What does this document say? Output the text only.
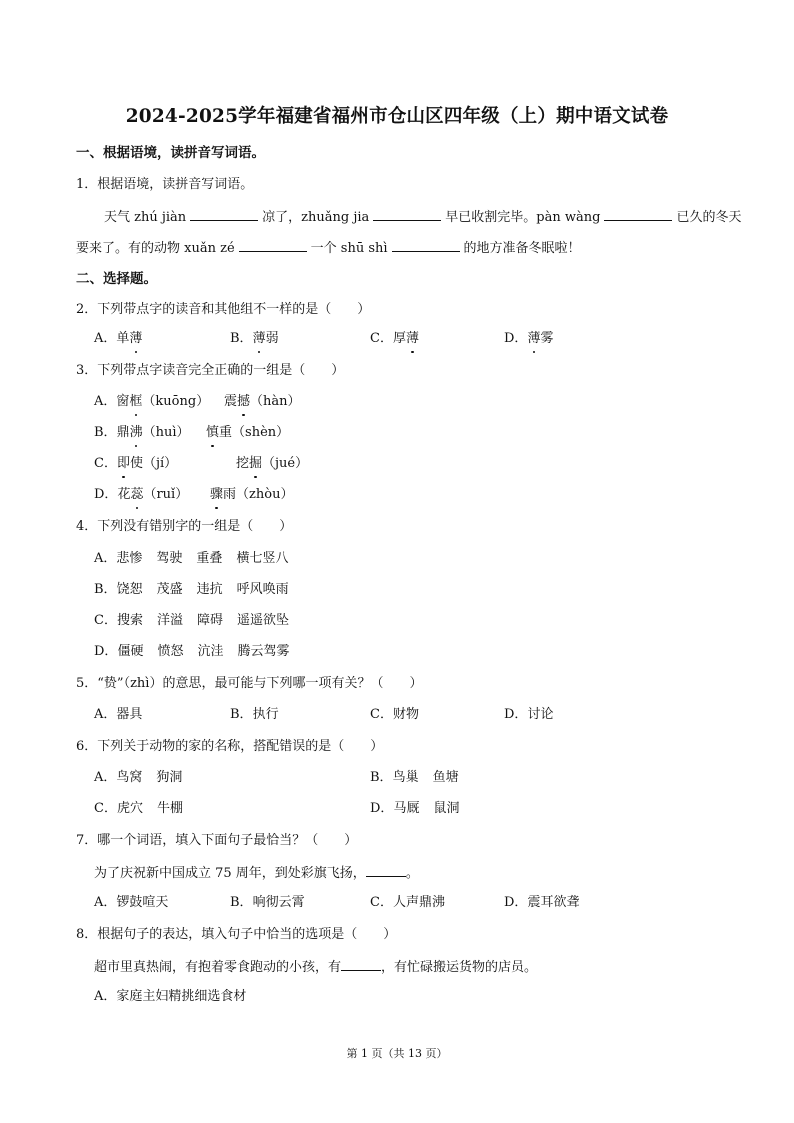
2024-2025学年福建省福州市仓山区四年级（上）期中语文试卷
一、根据语境，读拼音写词语。
1．根据语境，读拼音写词语。
天气 zhú jiàn	凉了，zhuǎng jia	早已收割完毕。pàn wàng	已久的冬天
要来了。有的动物 xuǎn zé	一个 shū shì	的地方准备冬眠啦！
二、选择题。
2．下列带点字的读音和其他组不一样的是（　　）
A．单薄	B．薄弱	C．厚薄	D．薄雾
3．下列带点字读音完全正确的一组是（　　）
A．窗框（kuōng） 震撼（hàn）
B．鼎沸（huì） 慎重（shèn）
C．即使（jí）	挖掘（jué）
D．花蕊（ruǐ） 骤雨（zhòu）
4．下列没有错别字的一组是（　　）
A．悲惨 驾驶 重叠 横七竖八
B．饶恕 茂盛 违抗 呼风唤雨
C．搜索 洋溢 障碍 遥遥欲坠
D．僵硬 愤怒 沆洼 腾云驾雾
5．“贽”（zhì）的意思，最可能与下列哪一项有关？（　　）
A．器具	B．执行	C．财物	D．讨论
6．下列关于动物的家的名称，搭配错误的是（　　）
A．鸟窝 狗洞	B．鸟巢 鱼塘
C．虎穴 牛棚	D．马厩 鼠洞
7．哪一个词语，填入下面句子最恰当？（　　）
为了庆祝新中国成立 75 周年，到处彩旗飞扬，	。
A．锣鼓喧天	B．响彻云霄	C．人声鼎沸	D．震耳欲聋
8．根据句子的表达，填入句子中恰当的选项是（　　）
超市里真热闹，有抱着零食跑动的小孩，有	，有忙碌搬运货物的店员。
A．家庭主妇精挑细选食材
第 1 页（共 13 页）
